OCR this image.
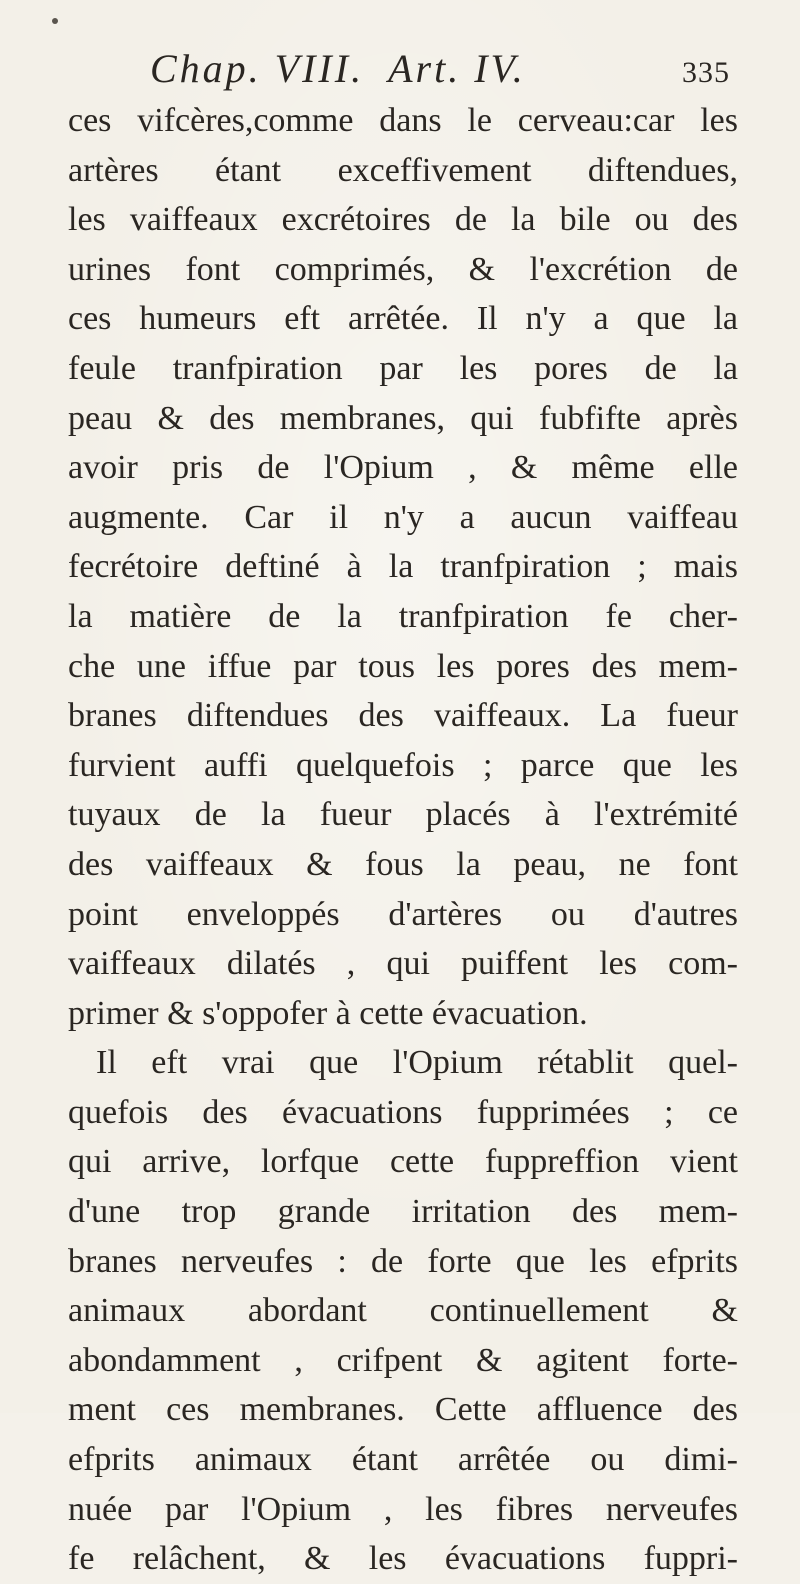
Chap. VIII. Art. IV.	335
ces vifcères,comme dans le cerveau:car les
artères étant exceffivement diftendues,
les vaiffeaux excrétoires de la bile ou des
urines font comprimés, & l'excrétion de
ces humeurs eft arrêtée. Il n'y a que la
feule tranfpiration par les pores de la
peau & des membranes, qui fubfifte après
avoir pris de l'Opium , & même elle
augmente. Car il n'y a aucun vaiffeau
fecrétoire deftiné à la tranfpiration ; mais
la matière de la tranfpiration fe cher-
che une iffue par tous les pores des mem-
branes diftendues des vaiffeaux. La fueur
furvient auffi quelquefois ; parce que les
tuyaux de la fueur placés à l'extrémité
des vaiffeaux & fous la peau, ne font
point enveloppés d'artères ou d'autres
vaiffeaux dilatés , qui puiffent les com-
primer & s'oppofer à cette évacuation.
Il eft vrai que l'Opium rétablit quel-
quefois des évacuations fupprimées ; ce
qui arrive, lorfque cette fuppreffion vient
d'une trop grande irritation des mem-
branes nerveufes : de forte que les efprits
animaux abordant continuellement &
abondamment , crifpent & agitent forte-
ment ces membranes. Cette affluence des
efprits animaux étant arrêtée ou dimi-
nuée par l'Opium , les fibres nerveufes
fe relâchent, & les évacuations fuppri-
